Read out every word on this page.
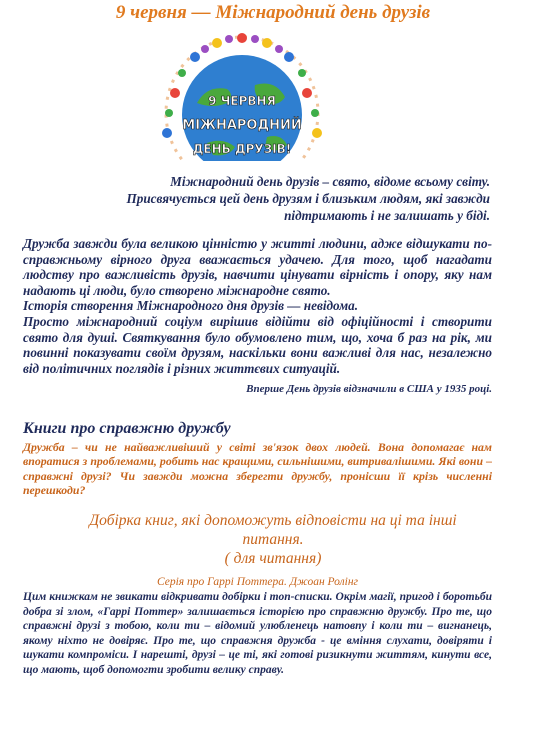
9 червня — Міжнародний день друзів
9 ЧЕРВНЯ
МІЖНАРОДНИЙ
ДЕНЬ ДРУЗІВ!
Міжнародний день друзів – свято, відоме всьому світу.
Присвячується цей день друзям і близьким людям, які завжди
підтримають і не залишать у біді.

Дружба завжди була великою цінністю у житті людини, адже відшукати по-справжньому вірного друга вважається удачею. Для того, щоб нагадати людству про важливість друзів, навчити цінувати вірність і опору, яку нам надають ці люди, було створено міжнародне свято.

Історія створення Міжнародного дня друзів — невідома.

Просто міжнародний соціум вирішив відійти від офіційності і створити свято для душі. Святкування було обумовлено тим, що, хоча б раз на рік, ми повинні показувати своїм друзям, наскільки вони важливі для нас, незалежно від політичних поглядів і різних життєвих ситуацій.

Вперше День друзів відзначили в США у 1935 році.
Книги про справжню дружбу
Дружба – чи не найважливіший у світі зв'язок двох людей. Вона допомагає нам впоратися з проблемами, робить нас кращими, сильнішими, витривалішими. Які вони – справжні друзі? Чи завжди можна зберегти дружбу, пронісши її крізь численні перешкоди?
Добірка книг, які допоможуть відповісти на ці та інші
питання.
( для читання)
Серія про Гаррі Поттера. Джоан Ролінг
Цим книжкам не звикати відкривати добірки і топ-списки. Окрім магії, пригод і боротьби добра зі злом, «Гаррі Поттер» залишається історією про справжню дружбу. Про те, що справжні друзі з тобою, коли ти – відомий улюбленець натовпу і коли ти – вигнанець, якому ніхто не довіряє. Про те, що справжня дружба - це вміння слухати, довіряти і шукати компроміси. І нарешті, друзі – це ті, які готові ризикнути життям, кинути все, що мають, щоб допомогти зробити велику справу.
